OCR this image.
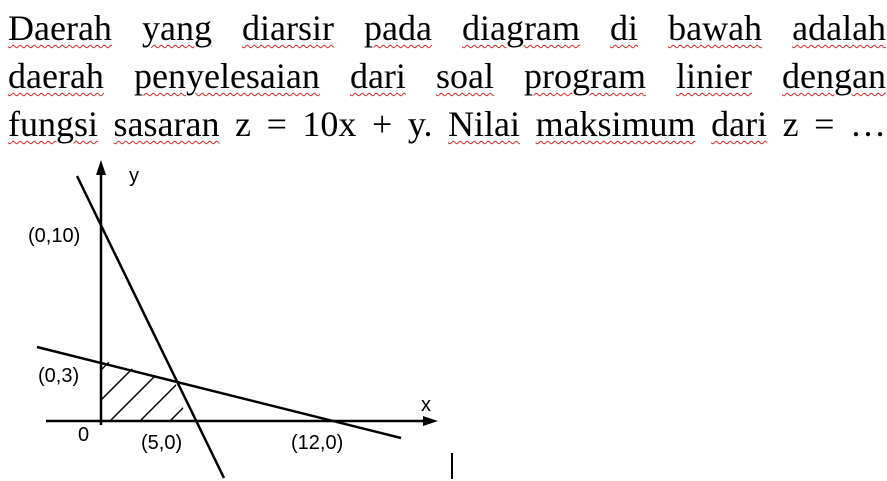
Daerah yang diarsir pada diagram di bawah adalah
daerah penyelesaian dari soal program linier dengan
fungsi sasaran z = 10x + y. Nilai maksimum dari z = …
y
x
0
(0,10)
(0,3)
(5,0)	(12,0)
